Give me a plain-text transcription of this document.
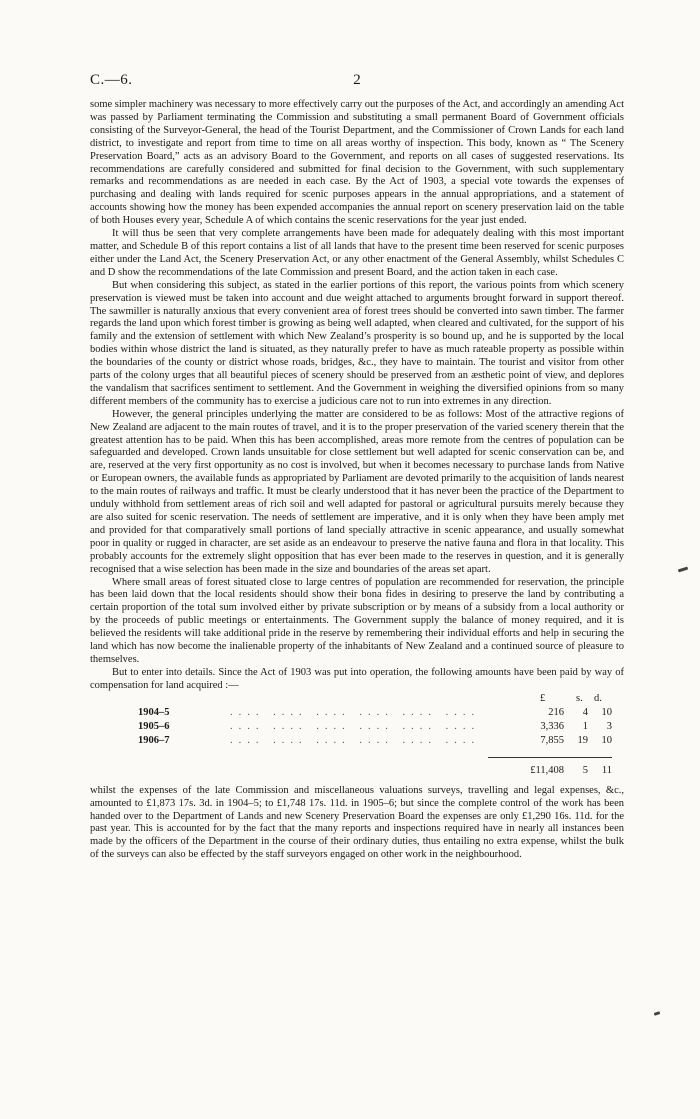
C.—6.	2

some simpler machinery was necessary to more effectively carry out the purposes of the Act, and accordingly an amending Act was passed by Parliament terminating the Commission and substituting a small permanent Board of Government officials consisting of the Surveyor-General, the head of the Tourist Department, and the Commissioner of Crown Lands for each land district, to investigate and report from time to time on all areas worthy of inspection. This body, known as “ The Scenery Preservation Board,” acts as an advisory Board to the Government, and reports on all cases of suggested reservations. Its recommendations are carefully considered and submitted for final decision to the Government, with such supplementary remarks and recommendations as are needed in each case. By the Act of 1903, a special vote towards the expenses of purchasing and dealing with lands required for scenic purposes appears in the annual appropriations, and a statement of accounts showing how the money has been expended accompanies the annual report on scenery preservation laid on the table of both Houses every year, Schedule A of which contains the scenic reservations for the year just ended.

It will thus be seen that very complete arrangements have been made for adequately dealing with this most important matter, and Schedule B of this report contains a list of all lands that have to the present time been reserved for scenic purposes either under the Land Act, the Scenery Preservation Act, or any other enactment of the General Assembly, whilst Schedules C and D show the recommendations of the late Commission and present Board, and the action taken in each case.

But when considering this subject, as stated in the earlier portions of this report, the various points from which scenery preservation is viewed must be taken into account and due weight attached to arguments brought forward in support thereof. The sawmiller is naturally anxious that every convenient area of forest trees should be converted into sawn timber. The farmer regards the land upon which forest timber is growing as being well adapted, when cleared and cultivated, for the support of his family and the extension of settlement with which New Zealand’s prosperity is so bound up, and he is supported by the local bodies within whose district the land is situated, as they naturally prefer to have as much rateable property as possible within the boundaries of the county or district whose roads, bridges, &c., they have to maintain. The tourist and visitor from other parts of the colony urges that all beautiful pieces of scenery should be preserved from an æsthetic point of view, and deplores the vandalism that sacrifices sentiment to settlement. And the Government in weighing the diversified opinions from so many different members of the community has to exercise a judicious care not to run into extremes in any direction.

However, the general principles underlying the matter are considered to be as follows: Most of the attractive regions of New Zealand are adjacent to the main routes of travel, and it is to the proper preservation of the varied scenery therein that the greatest attention has to be paid. When this has been accomplished, areas more remote from the centres of population can be safeguarded and developed. Crown lands unsuitable for close settlement but well adapted for scenic conservation can be, and are, reserved at the very first opportunity as no cost is involved, but when it becomes necessary to purchase lands from Native or European owners, the available funds as appropriated by Parliament are devoted primarily to the acquisition of lands nearest to the main routes of railways and traffic. It must be clearly understood that it has never been the practice of the Department to unduly withhold from settlement areas of rich soil and well adapted for pastoral or agricultural pursuits merely because they are also suited for scenic reservation. The needs of settlement are imperative, and it is only when they have been amply met and provided for that comparatively small portions of land specially attractive in scenic appearance, and usually somewhat poor in quality or rugged in character, are set aside as an endeavour to preserve the native fauna and flora in that locality. This probably accounts for the extremely slight opposition that has ever been made to the reserves in question, and it is generally recognised that a wise selection has been made in the size and boundaries of the areas set apart.

Where small areas of forest situated close to large centres of population are recommended for reservation, the principle has been laid down that the local residents should show their bona fides in desiring to preserve the land by contributing a certain proportion of the total sum involved either by private subscription or by means of a subsidy from a local authority or by the proceeds of public meetings or entertainments. The Government supply the balance of money required, and it is believed the residents will take additional pride in the reserve by remembering their individual efforts and help in securing the land which has now become the inalienable property of the inhabitants of New Zealand and a continued source of pleasure to themselves.

But to enter into details. Since the Act of 1903 was put into operation, the following amounts have been paid by way of compensation for land acquired :—

£	s. d.
1904–5	.... .... .... .... .... ....	216	4	10
1905–6	.... .... .... .... .... ....	3,336	1	3
1906–7	.... .... .... .... .... ....	7,855	19	10
£11,408	5	11

whilst the expenses of the late Commission and miscellaneous valuations surveys, travelling and legal expenses, &c., amounted to £1,873 17s. 3d. in 1904–5; to £1,748 17s. 11d. in 1905–6; but since the complete control of the work has been handed over to the Department of Lands and new Scenery Preservation Board the expenses are only £1,290 16s. 11d. for the past year. This is accounted for by the fact that the many reports and inspections required have in nearly all instances been made by the officers of the Department in the course of their ordinary duties, thus entailing no extra expense, whilst the bulk of the surveys can also be effected by the staff surveyors engaged on other work in the neighbourhood.
